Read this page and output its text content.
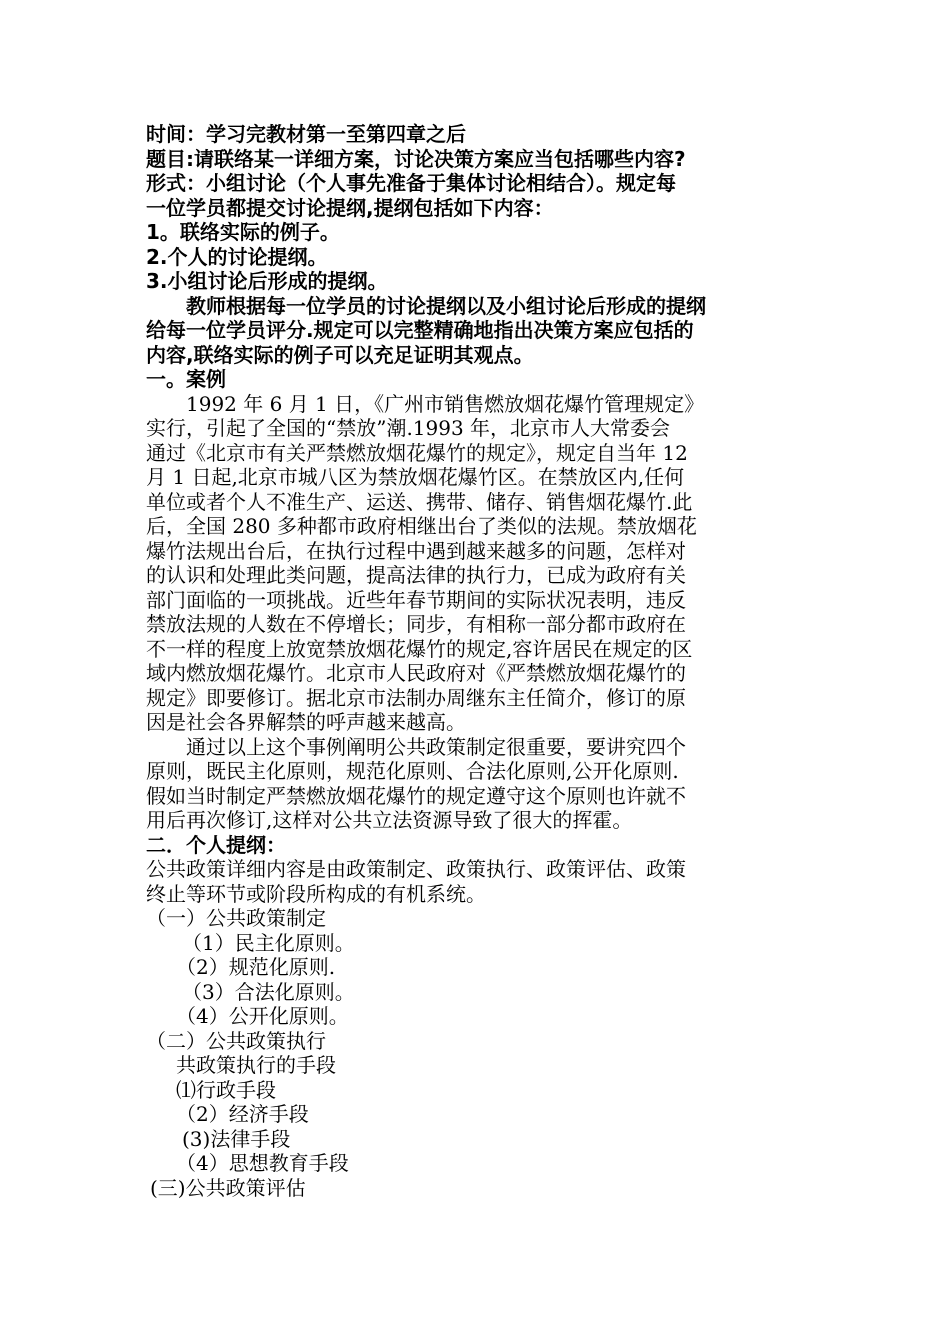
时间：学习完教材第一至第四章之后
题目:请联络某一详细方案，讨论决策方案应当包括哪些内容?
形式：小组讨论（个人事先准备于集体讨论相结合）。规定每
一位学员都提交讨论提纲,提纲包括如下内容：
1。联络实际的例子。
2.个人的讨论提纲。
3.小组讨论后形成的提纲。
教师根据每一位学员的讨论提纲以及小组讨论后形成的提纲
给每一位学员评分.规定可以完整精确地指出决策方案应包括的
内容,联络实际的例子可以充足证明其观点。
一。案例
1992 年 6 月 1 日，《广州市销售燃放烟花爆竹管理规定》
实行，引起了全国的“禁放”潮.1993 年，北京市人大常委会
通过《北京市有关严禁燃放烟花爆竹的规定》，规定自当年 12
月 1 日起,北京市城八区为禁放烟花爆竹区。在禁放区内,任何
单位或者个人不准生产、运送、携带、储存、销售烟花爆竹.此
后，全国 280 多种都市政府相继出台了类似的法规。禁放烟花
爆竹法规出台后，在执行过程中遇到越来越多的问题，怎样对
的认识和处理此类问题，提高法律的执行力，已成为政府有关
部门面临的一项挑战。近些年春节期间的实际状况表明，违反
禁放法规的人数在不停增长；同步，有相称一部分都市政府在
不一样的程度上放宽禁放烟花爆竹的规定,容许居民在规定的区
域内燃放烟花爆竹。北京市人民政府对《严禁燃放烟花爆竹的
规定》即要修订。据北京市法制办周继东主任简介，修订的原
因是社会各界解禁的呼声越来越高。
通过以上这个事例阐明公共政策制定很重要，要讲究四个
原则，既民主化原则，规范化原则、合法化原则,公开化原则.
假如当时制定严禁燃放烟花爆竹的规定遵守这个原则也许就不
用后再次修订,这样对公共立法资源导致了很大的挥霍。
二．个人提纲：
公共政策详细内容是由政策制定、政策执行、政策评估、政策
终止等环节或阶段所构成的有机系统。
（一）公共政策制定
（1）民主化原则。
（2）规范化原则.
（3）合法化原则。
（4）公开化原则。
（二）公共政策执行
共政策执行的手段
⑴行政手段
（2）经济手段
(3)法律手段
（4）思想教育手段
(三)公共政策评估
